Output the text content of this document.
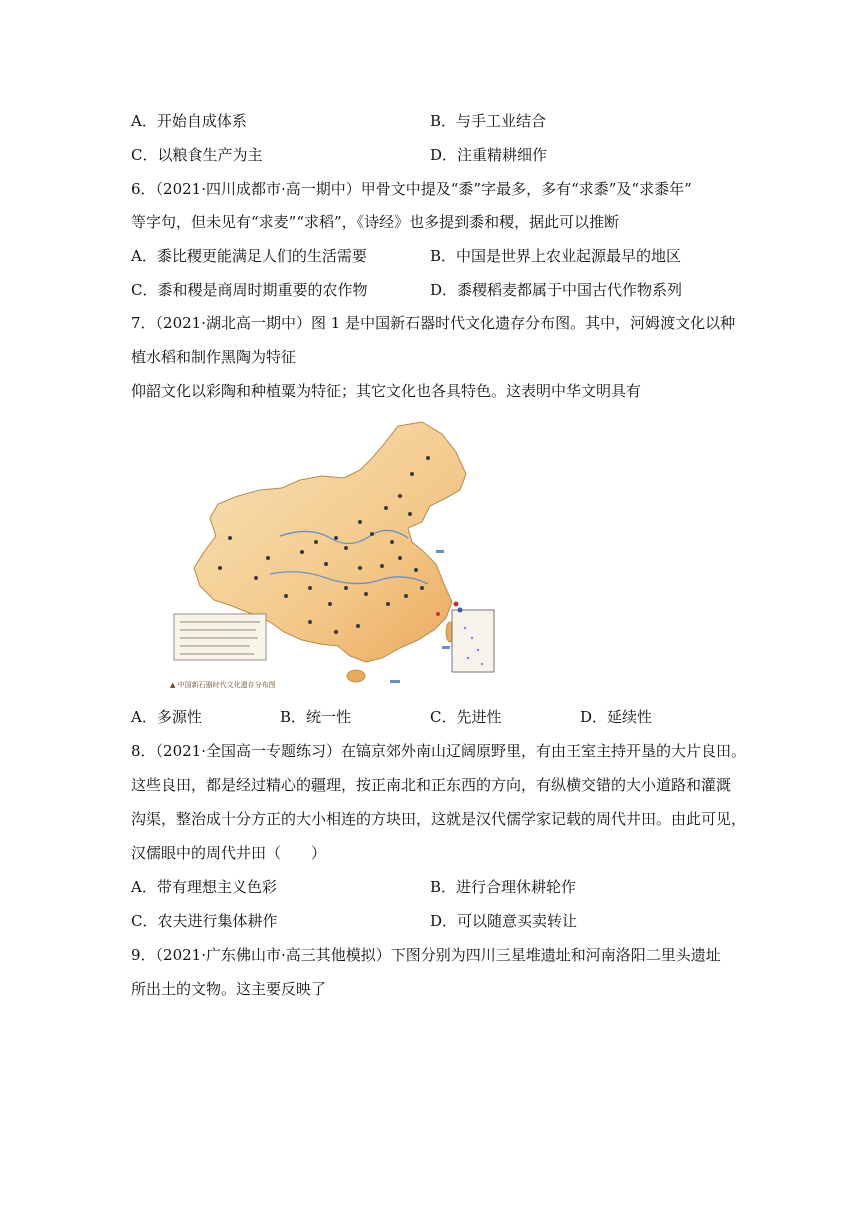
A．开始自成体系	B．与手工业结合
C．以粮食生产为主	D．注重精耕细作
6．（2021·四川成都市·高一期中）甲骨文中提及“黍”字最多，多有“求黍”及“求黍年”
等字句，但未见有“求麦”“求稻”，《诗经》也多提到黍和稷，据此可以推断
A．黍比稷更能满足人们的生活需要	B．中国是世界上农业起源最早的地区
C．黍和稷是商周时期重要的农作物	D．黍稷稻麦都属于中国古代作物系列
7．（2021·湖北高一期中）图 1 是中国新石器时代文化遗存分布图。其中，河姆渡文化以种
植水稻和制作黑陶为特征
仰韶文化以彩陶和种植粟为特征；其它文化也各具特色。这表明中华文明具有
▲ 中国新石器时代文化遗存分布图
A．多源性	B．统一性	C．先进性	D．延续性
8．（2021·全国高一专题练习）在镐京郊外南山辽阔原野里，有由王室主持开垦的大片良田。
这些良田，都是经过精心的疆理，按正南北和正东西的方向，有纵横交错的大小道路和灌溉
沟渠，整治成十分方正的大小相连的方块田，这就是汉代儒学家记载的周代井田。由此可见，
汉儒眼中的周代井田（　　）
A．带有理想主义色彩	B．进行合理休耕轮作
C．农夫进行集体耕作	D．可以随意买卖转让
9．（2021·广东佛山市·高三其他模拟）下图分别为四川三星堆遗址和河南洛阳二里头遗址
所出土的文物。这主要反映了
